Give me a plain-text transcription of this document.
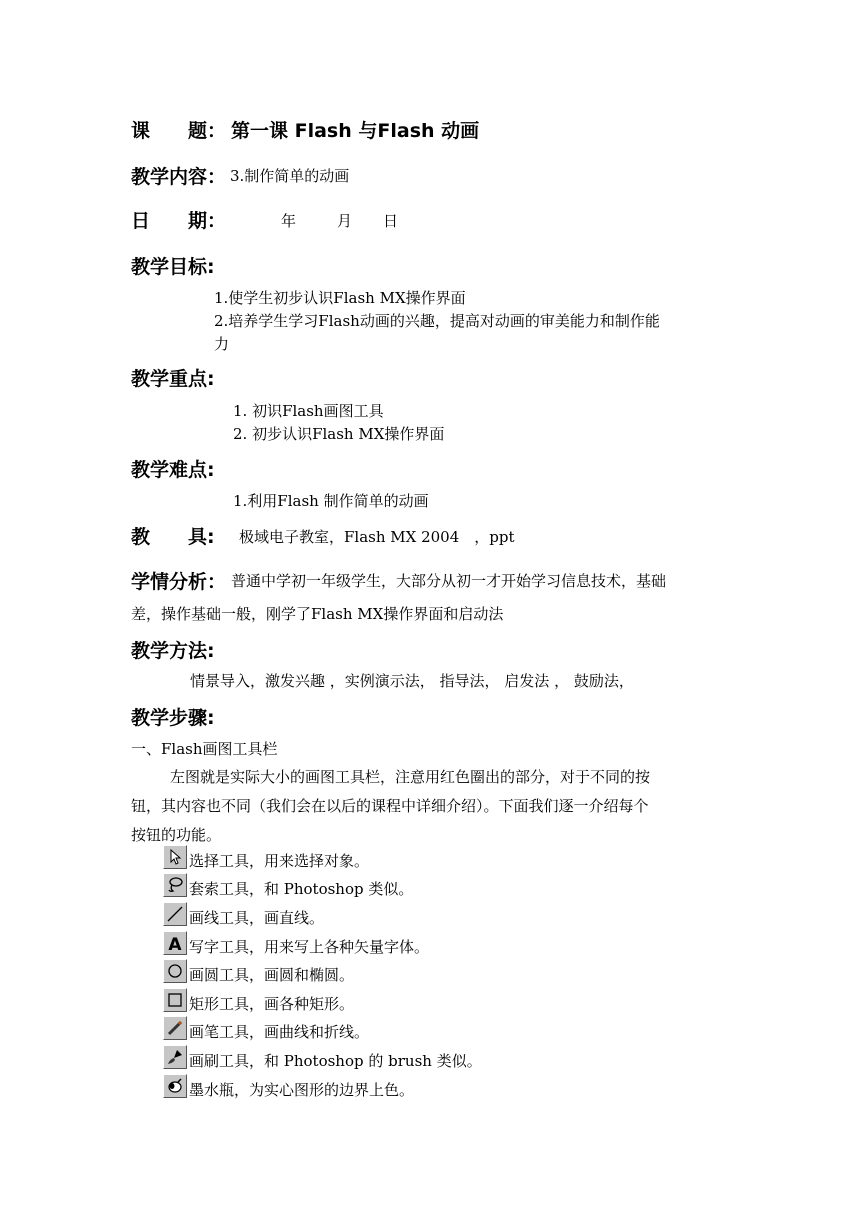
课　　题： 第一课 Flash 与Flash 动画
教学内容： 3.制作简单的动画
日　　期：	年	月 日
教学目标:
1.使学生初步认识Flash MX操作界面
2.培养学生学习Flash动画的兴趣，提高对动画的审美能力和制作能
力
教学重点:
1. 初识Flash画图工具
2. 初步认识Flash MX操作界面
教学难点:
1.利用Flash 制作简单的动画
教　　具: 极域电子教室，Flash MX 2004　，ppt
学情分析： 普通中学初一年级学生，大部分从初一才开始学习信息技术，基础
差，操作基础一般，刚学了Flash MX操作界面和启动法
教学方法:
情景导入，激发兴趣 ，实例演示法， 指导法， 启发法 ， 鼓励法，
教学步骤:
一、Flash画图工具栏
左图就是实际大小的画图工具栏，注意用红色圈出的部分，对于不同的按
钮，其内容也不同（我们会在以后的课程中详细介绍）。下面我们逐一介绍每个
按钮的功能。
选择工具，用来选择对象。
套索工具，和 Photoshop 类似。
画线工具，画直线。
A 写字工具，用来写上各种矢量字体。
画圆工具，画圆和椭圆。
矩形工具，画各种矩形。
画笔工具，画曲线和折线。
画刷工具，和 Photoshop 的 brush 类似。
墨水瓶，为实心图形的边界上色。
